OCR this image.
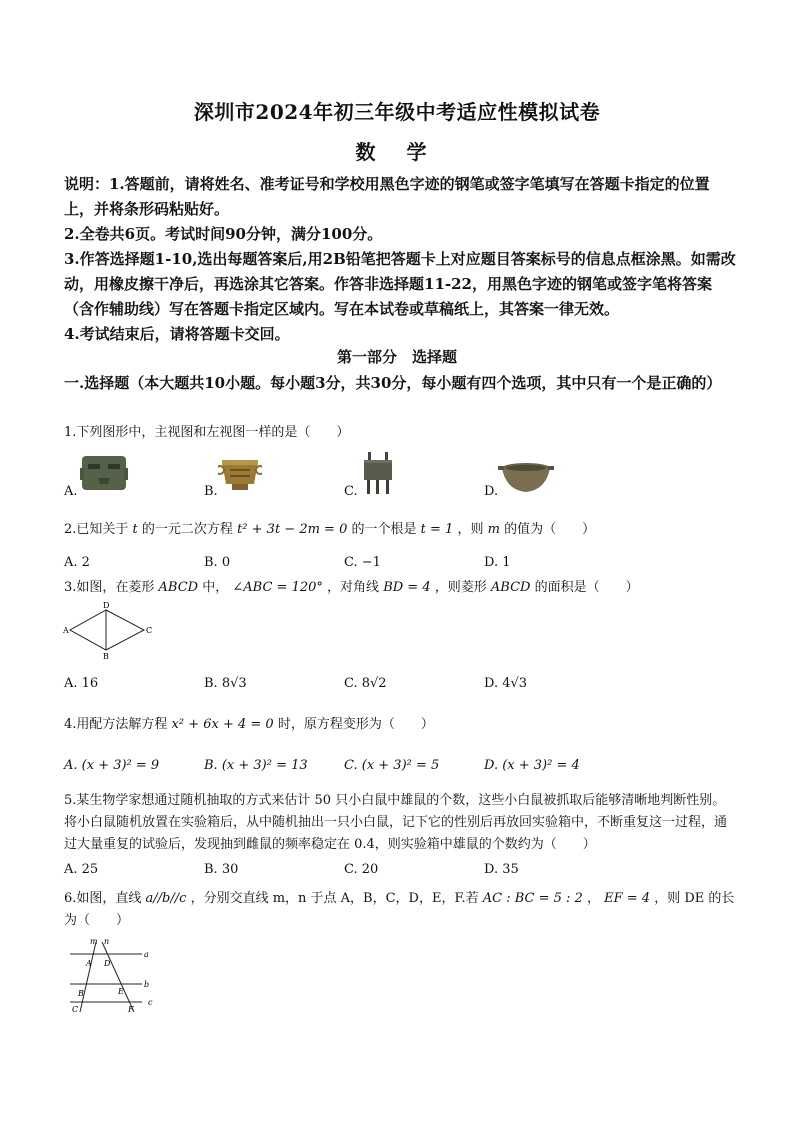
深圳市2024年初三年级中考适应性模拟试卷
数 学

说明：1.答题前，请将姓名、准考证号和学校用黑色字迹的钢笔或签字笔填写在答题卡指定的位置上，并将条形码粘贴好。

2.全卷共6页。考试时间90分钟，满分100分。

3.作答选择题1-10,选出每题答案后,用2B铅笔把答题卡上对应题目答案标号的信息点框涂黑。如需改动，用橡皮擦干净后，再选涂其它答案。作答非选择题11-22，用黑色字迹的钢笔或签字笔将答案（含作辅助线）写在答题卡指定区域内。写在本试卷或草稿纸上，其答案一律无效。

4.考试结束后，请将答题卡交回。

第一部分　选择题
一.选择题（本大题共10小题。每小题3分，共30分，每小题有四个选项，其中只有一个是正确的）

1.下列图形中，主视图和左视图一样的是（　　）

A.	B.	C.	D.

2.已知关于 t 的一元二次方程 t² + 3t − 2m = 0 的一个根是 t = 1 ，则 m 的值为（　　）

A. 2	B. 0	C. −1	D. 1

3.如图，在菱形 ABCD 中， ∠ABC = 120° ，对角线 BD = 4 ，则菱形 ABCD 的面积是（　　）

D
A	C
B
A. 16	B. 8√3	C. 8√2	D. 4√3

4.用配方法解方程 x² + 6x + 4 = 0 时，原方程变形为（　　）

A. (x + 3)² = 9	B. (x + 3)² = 13	C. (x + 3)² = 5	D. (x + 3)² = 4

5.某生物学家想通过随机抽取的方式来估计 50 只小白鼠中雄鼠的个数，这些小白鼠被抓取后能够清晰地判断性别。将小白鼠随机放置在实验箱后，从中随机抽出一只小白鼠，记下它的性别后再放回实验箱中，不断重复这一过程，通过大量重复的试验后，发现抽到雌鼠的频率稳定在 0.4，则实验箱中雄鼠的个数约为（　　）

A. 25	B. 30	C. 20	D. 35

6.如图，直线 a//b//c ，分别交直线 m，n 于点 A，B，C，D，E，F.若 AC : BC = 5 : 2 ， EF = 4 ，则 DE 的长为（　　）

m n
a
b
c
A D
B	E
C	F
